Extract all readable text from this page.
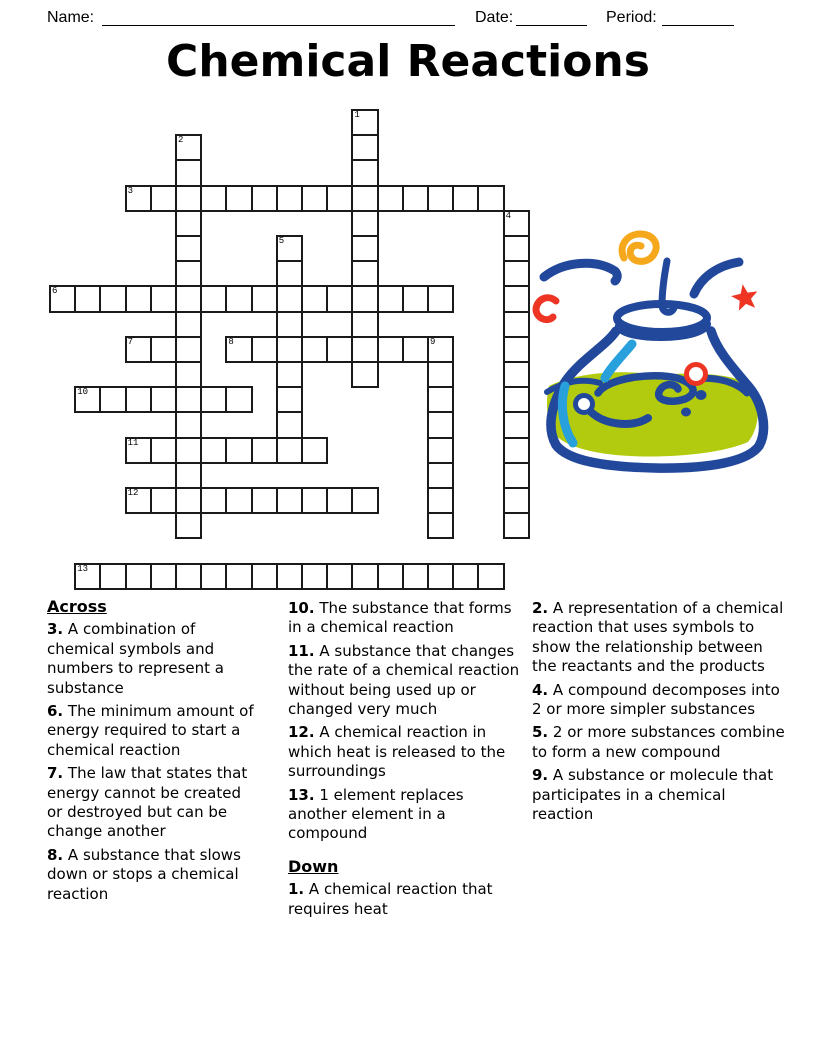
Name:	Date:	Period:
Chemical Reactions
1
2
3
4
5
6
7	8	9
10
11
12
13
Across
3. A combination of chemical symbols and numbers to represent a substance
6. The minimum amount of energy required to start a chemical reaction
7. The law that states that energy cannot be created or destroyed but can be change another
8. A substance that slows down or stops a chemical reaction
10. The substance that forms in a chemical reaction
11. A substance that changes the rate of a chemical reaction without being used up or changed very much
12. A chemical reaction in which heat is released to the surroundings
13. 1 element replaces another element in a compound
Down
1. A chemical reaction that requires heat
2. A representation of a chemical reaction that uses symbols to show the relationship between the reactants and the products
4. A compound decomposes into 2 or more simpler substances
5. 2 or more substances combine to form a new compound
9. A substance or molecule that participates in a chemical reaction
